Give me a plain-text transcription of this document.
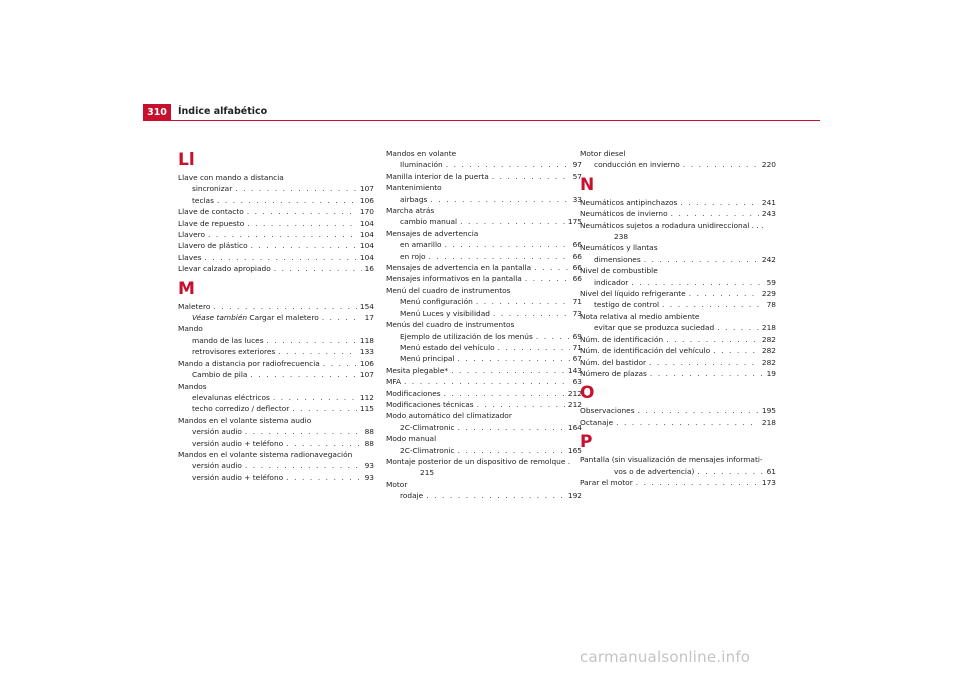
310	Índice alfabético
Ll
Llave con mando a distancia
sincronizar . . .	107
teclas . . .	106
Llave de contacto . . .	170
Llave de repuesto . . .	104
Llavero . . .	104
Llavero de plástico . . .	104
Llaves . . .	104
Llevar calzado apropiado . . .	16
M
Maletero . . .	154
Véase también Cargar el maletero . . .	17
Mando
mando de las luces . . .	118
retrovisores exteriores . . .	133
Mando a distancia por radiofrecuencia . . .	106
Cambio de pila . . .	107
Mandos
elevalunas eléctricos . . .	112
techo corredizo / deflector . . .	115
Mandos en el volante sistema audio
versión audio . . .	88
versión audio + teléfono . . .	88
Mandos en el volante sistema radionavegación
versión audio . . .	93
versión audio + teléfono . . .	93
Mandos en volante
Iluminación . . .	97
Manilla interior de la puerta . . .	57
Mantenimiento
airbags . . .	33
Marcha atrás
cambio manual . . .	175
Mensajes de advertencia
en amarillo . . .	66
en rojo . . .	66
Mensajes de advertencia en la pantalla . . .	66
Mensajes informativos en la pantalla . . .	66
Menú del cuadro de instrumentos
Menú configuración . . .	71
Menú Luces y visibilidad . . .	73
Menús del cuadro de instrumentos
Ejemplo de utilización de los menús . . .	69
Menú estado del vehículo . . .	71
Menú principal . . .	67
Mesita plegable* . . .	143
MFA . . .	63
Modificaciones . . .	212
Modificaciones técnicas . . .	212
Modo automático del climatizador
2C-Climatronic . . .	164
Modo manual
2C-Climatronic . . .	165
Montaje posterior de un dispositivo de remolque .
215
Motor
rodaje . . .	192
Motor diesel
conducción en invierno . . .	220
N
Neumáticos antipinchazos . . .	241
Neumáticos de invierno . . .	243
Neumáticos sujetos a rodadura unidireccional . . .
238
Neumáticos y llantas
dimensiones . . .	242
Nivel de combustible
indicador . . .	59
Nivel del líquido refrigerante . . .	229
testigo de control . . .	78
Nota relativa al medio ambiente
evitar que se produzca suciedad . . .	218
Núm. de identificación . . .	282
Núm. de identificación del vehículo . . .	282
Núm. del bastidor . . .	282
Número de plazas . . .	19
O
Observaciones . . .	195
Octanaje . . .	218
P
Pantalla (sin visualización de mensajes informati-
vos o de advertencia) . . .	61
Parar el motor . . .	173
carmanualsonline.info
